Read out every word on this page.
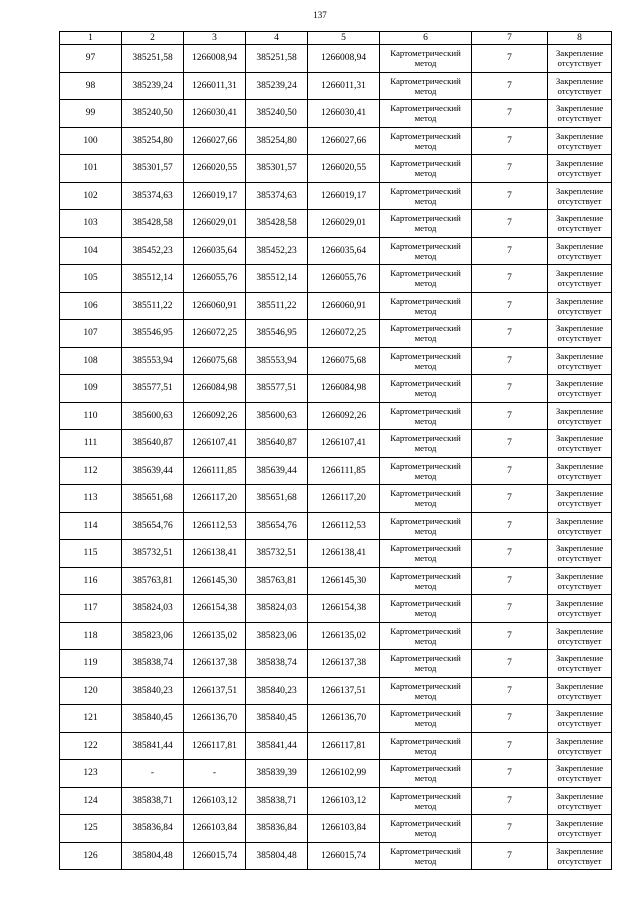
137
1	2	3	4	5	6	7	8
97	385251,58	1266008,94	385251,58	1266008,94	Картометрический
метод	7	Закрепление
отсутствует

98	385239,24	1266011,31	385239,24	1266011,31	Картометрический
метод	7	Закрепление
отсутствует

99	385240,50	1266030,41	385240,50	1266030,41	Картометрический
метод	7	Закрепление
отсутствует

100	385254,80	1266027,66	385254,80	1266027,66	Картометрический
метод	7	Закрепление
отсутствует

101	385301,57	1266020,55	385301,57	1266020,55	Картометрический
метод	7	Закрепление
отсутствует

102	385374,63	1266019,17	385374,63	1266019,17	Картометрический
метод	7	Закрепление
отсутствует

103	385428,58	1266029,01	385428,58	1266029,01	Картометрический
метод	7	Закрепление
отсутствует

104	385452,23	1266035,64	385452,23	1266035,64	Картометрический
метод	7	Закрепление
отсутствует

105	385512,14	1266055,76	385512,14	1266055,76	Картометрический
метод	7	Закрепление
отсутствует

106	385511,22	1266060,91	385511,22	1266060,91	Картометрический
метод	7	Закрепление
отсутствует

107	385546,95	1266072,25	385546,95	1266072,25	Картометрический
метод	7	Закрепление
отсутствует

108	385553,94	1266075,68	385553,94	1266075,68	Картометрический
метод	7	Закрепление
отсутствует

109	385577,51	1266084,98	385577,51	1266084,98	Картометрический
метод	7	Закрепление
отсутствует

110	385600,63	1266092,26	385600,63	1266092,26	Картометрический
метод	7	Закрепление
отсутствует

111	385640,87	1266107,41	385640,87	1266107,41	Картометрический
метод	7	Закрепление
отсутствует

112	385639,44	1266111,85	385639,44	1266111,85	Картометрический
метод	7	Закрепление
отсутствует

113	385651,68	1266117,20	385651,68	1266117,20	Картометрический
метод	7	Закрепление
отсутствует

114	385654,76	1266112,53	385654,76	1266112,53	Картометрический
метод	7	Закрепление
отсутствует

115	385732,51	1266138,41	385732,51	1266138,41	Картометрический
метод	7	Закрепление
отсутствует

116	385763,81	1266145,30	385763,81	1266145,30	Картометрический
метод	7	Закрепление
отсутствует

117	385824,03	1266154,38	385824,03	1266154,38	Картометрический
метод	7	Закрепление
отсутствует

118	385823,06	1266135,02	385823,06	1266135,02	Картометрический
метод	7	Закрепление
отсутствует

119	385838,74	1266137,38	385838,74	1266137,38	Картометрический
метод	7	Закрепление
отсутствует

120	385840,23	1266137,51	385840,23	1266137,51	Картометрический
метод	7	Закрепление
отсутствует

121	385840,45	1266136,70	385840,45	1266136,70	Картометрический
метод	7	Закрепление
отсутствует

122	385841,44	1266117,81	385841,44	1266117,81	Картометрический
метод	7	Закрепление
отсутствует

123	-	-	385839,39	1266102,99	Картометрический
метод	7	Закрепление
отсутствует

124	385838,71	1266103,12	385838,71	1266103,12	Картометрический
метод	7	Закрепление
отсутствует

125	385836,84	1266103,84	385836,84	1266103,84	Картометрический
метод	7	Закрепление
отсутствует

126	385804,48	1266015,74	385804,48	1266015,74	Картометрический
метод	7	Закрепление
отсутствует
